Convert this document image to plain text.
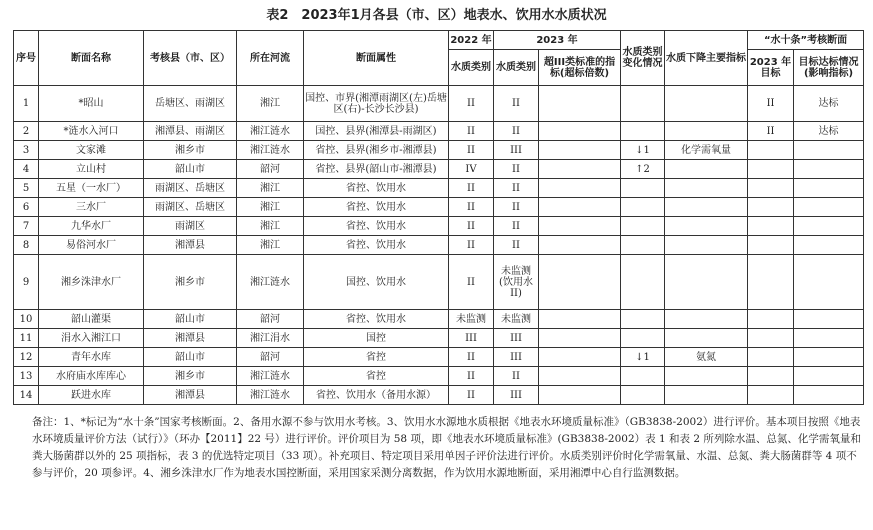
表2　2023年1月各县（市、区）地表水、饮用水水质状况
序号	断面名称	考核县（市、区）	所在河流	断面属性	2022 年	2023 年		水质类别变化情况	水质下降主要指标	“水十条”考核断面	
					水质类别	水质类别	超III类标准的指标(超标倍数)			2023 年目标	目标达标情况(影响指标)
1	*昭山	岳塘区、雨湖区	湘江	国控、市界(湘潭雨湖区(左)岳塘区(右)-长沙长沙县)	II	II				II	达标
2	*涟水入河口	湘潭县、雨湖区	湘江涟水	国控、县界(湘潭县-雨湖区)	II	II				II	达标
3	文家滩	湘乡市	湘江涟水	省控、县界(湘乡市-湘潭县)	II	III		↓1	化学需氧量		
4	立山村	韶山市	韶河	省控、县界(韶山市-湘潭县)	IV	II		↑2			
5	五星（一水厂）	雨湖区、岳塘区	湘江	省控、饮用水	II	II					
6	三水厂	雨湖区、岳塘区	湘江	省控、饮用水	II	II					
7	九华水厂	雨湖区	湘江	省控、饮用水	II	II					
8	易俗河水厂	湘潭县	湘江	省控、饮用水	II	II					
9	湘乡洙津水厂	湘乡市	湘江涟水	国控、饮用水	II	未监测(饮用水II)					
10	韶山灌渠	韶山市	韶河	省控、饮用水	未监测	未监测					
11	涓水入湘江口	湘潭县	湘江涓水	国控	III	III					
12	青年水库	韶山市	韶河	省控	II	III		↓1	氨氮		
13	水府庙水库库心	湘乡市	湘江涟水	省控	II	II					
14	跃进水库	湘潭县	湘江涟水	省控、饮用水（备用水源）	II	III					
备注：1、*标记为“水十条”国家考核断面。2、备用水源不参与饮用水考核。3、饮用水水源地水质根据《地表水环境质量标准》（GB3838-2002）进行评价。基本项目按照《地表水环境质量评价方法（试行）》（环办【2011】22 号）进行评价。评价项目为 58 项，即《地表水环境质量标准》(GB3838-2002）表 1 和表 2 所列除水温、总氮、化学需氧量和粪大肠菌群以外的 25 项指标，表 3 的优选特定项目（33 项）。补充项目、特定项目采用单因子评价法进行评价。水质类别评价时化学需氧量、水温、总氮、粪大肠菌群等 4 项不参与评价，20 项参评。4、湘乡洙津水厂作为地表水国控断面，采用国家采测分离数据，作为饮用水源地断面，采用湘潭中心自行监测数据。
